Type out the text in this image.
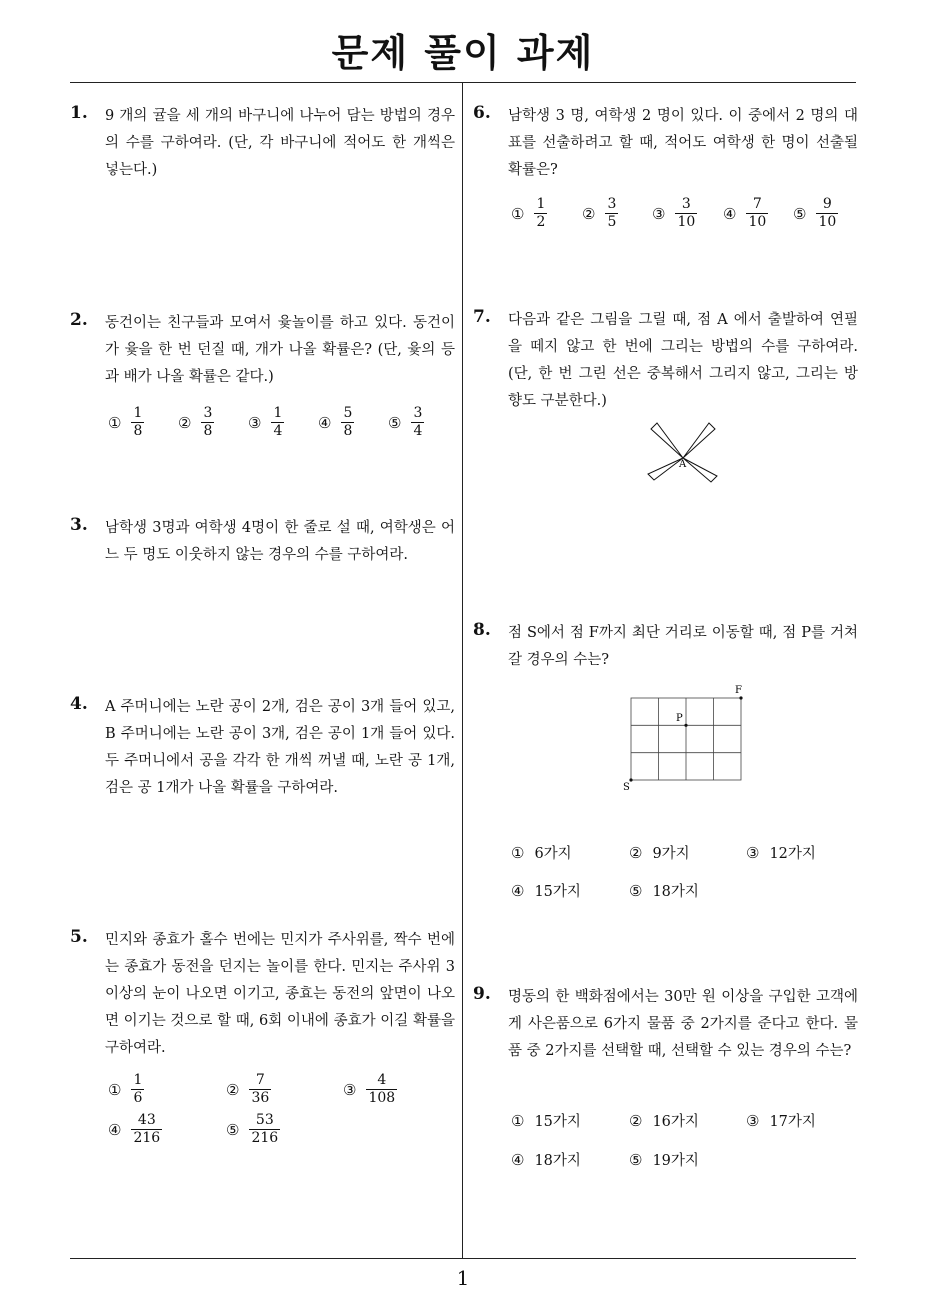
문제 풀이 과제
1
1. 9 개의 귤을 세 개의 바구니에 나누어 담는 방법의 경우의 수를 구하여라. (단, 각 바구니에 적어도 한 개씩은 넣는다.)
2. 동건이는 친구들과 모여서 윷놀이를 하고 있다. 동건이가 윷을 한 번 던질 때, 개가 나올 확률은? (단, 윷의 등과 배가 나올 확률은 같다.)
① $\frac{1}{8}$ ② $\frac{3}{8}$ ③ $\frac{1}{4}$ ④ $\frac{5}{8}$ ⑤ $\frac{3}{4}$
3. 남학생 3명과 여학생 4명이 한 줄로 설 때, 여학생은 어느 두 명도 이웃하지 않는 경우의 수를 구하여라.
4. A 주머니에는 노란 공이 2개, 검은 공이 3개 들어 있고, B 주머니에는 노란 공이 3개, 검은 공이 1개 들어 있다. 두 주머니에서 공을 각각 한 개씩 꺼낼 때, 노란 공 1개, 검은 공 1개가 나올 확률을 구하여라.
5. 민지와 종효가 홀수 번에는 민지가 주사위를, 짝수 번에는 종효가 동전을 던지는 놀이를 한다. 민지는 주사위 3이상의 눈이 나오면 이기고, 종효는 동전의 앞면이 나오면 이기는 것으로 할 때, 6회 이내에 종효가 이길 확률을 구하여라.
① $\frac{1}{6}$	② $\frac{7}{36}$	③ $\frac{4}{108}$
④ $\frac{43}{216}$	⑤ $\frac{53}{216}$
6. 남학생 3 명, 여학생 2 명이 있다. 이 중에서 2 명의 대표를 선출하려고 할 때, 적어도 여학생 한 명이 선출될 확률은?
① $\frac{1}{2}$ ② $\frac{3}{5}$ ③ $\frac{3}{10}$ ④ $\frac{7}{10}$ ⑤ $\frac{9}{10}$
7. 다음과 같은 그림을 그릴 때, 점 A 에서 출발하여 연필을 떼지 않고 한 번에 그리는 방법의 수를 구하여라. (단, 한 번 그린 선은 중복해서 그리지 않고, 그리는 방향도 구분한다.)
A
8. 점 S에서 점 F까지 최단 거리로 이동할 때, 점 P를 거쳐 갈 경우의 수는?
S
F
P
① 6가지	② 9가지	③ 12가지
④ 15가지	⑤ 18가지
9. 명동의 한 백화점에서는 30만 원 이상을 구입한 고객에게 사은품으로 6가지 물품 중 2가지를 준다고 한다. 물품 중 2가지를 선택할 때, 선택할 수 있는 경우의 수는?
① 15가지	② 16가지	③ 17가지
④ 18가지	⑤ 19가지
